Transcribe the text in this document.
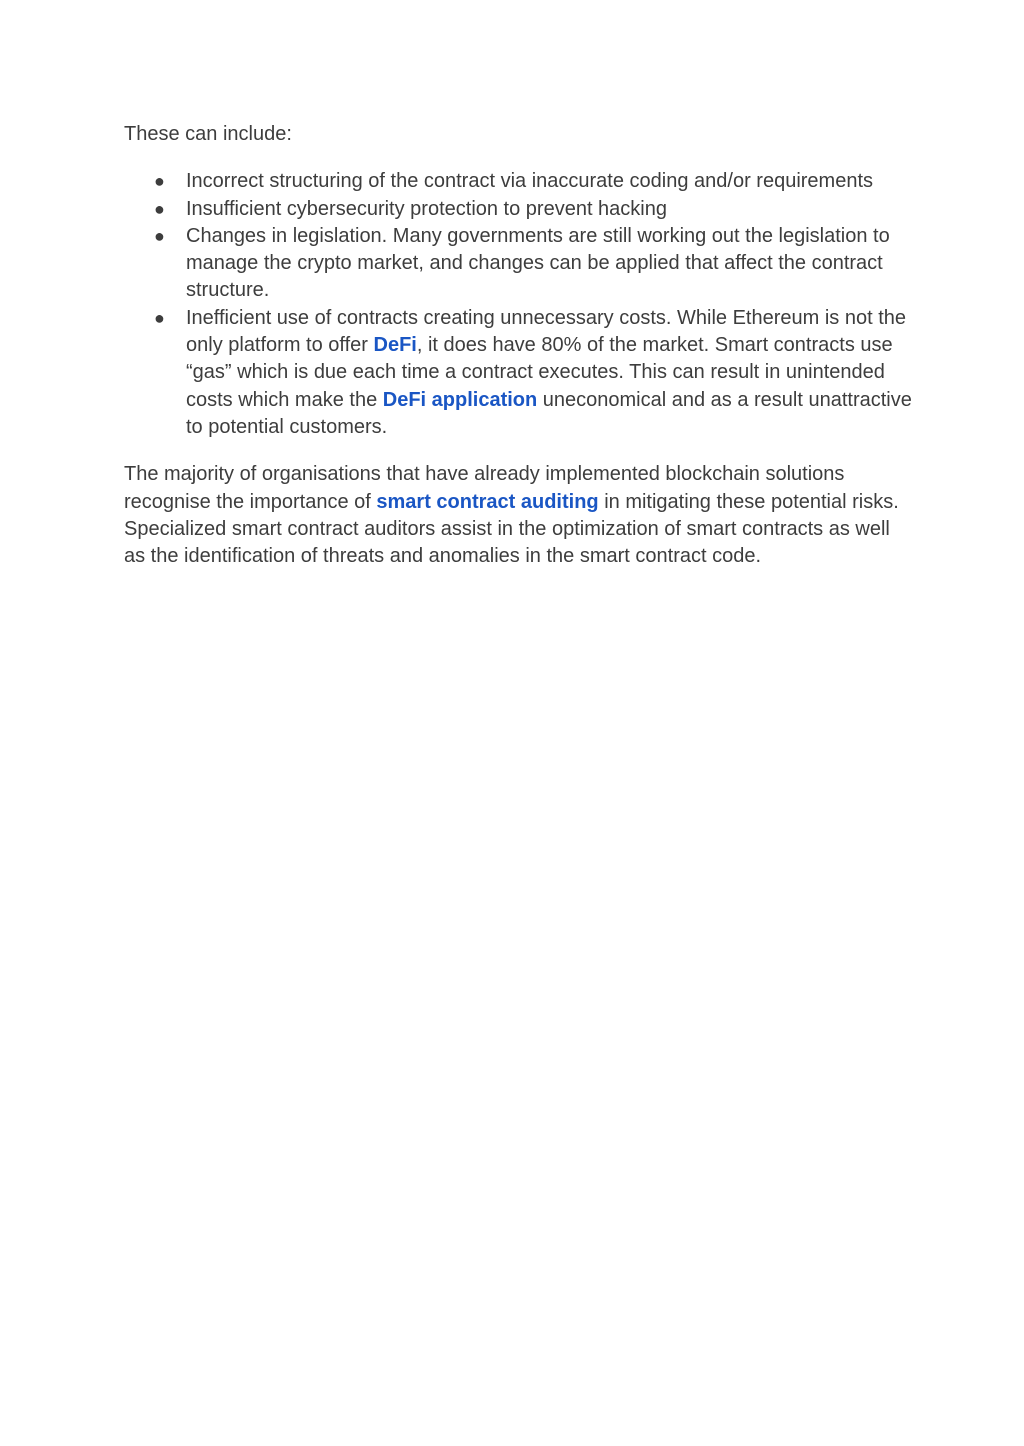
These can include:

● Incorrect structuring of the contract via inaccurate coding and/or requirements
● Insufficient cybersecurity protection to prevent hacking
● Changes in legislation. Many governments are still working out the legislation to manage the crypto market, and changes can be applied that affect the contract structure.
● Inefficient use of contracts creating unnecessary costs. While Ethereum is not the only platform to offer DeFi, it does have 80% of the market. Smart contracts use “gas” which is due each time a contract executes. This can result in unintended costs which make the DeFi application uneconomical and as a result unattractive to potential customers.

The majority of organisations that have already implemented blockchain solutions recognise the importance of smart contract auditing in mitigating these potential risks. Specialized smart contract auditors assist in the optimization of smart contracts as well as the identification of threats and anomalies in the smart contract code.
